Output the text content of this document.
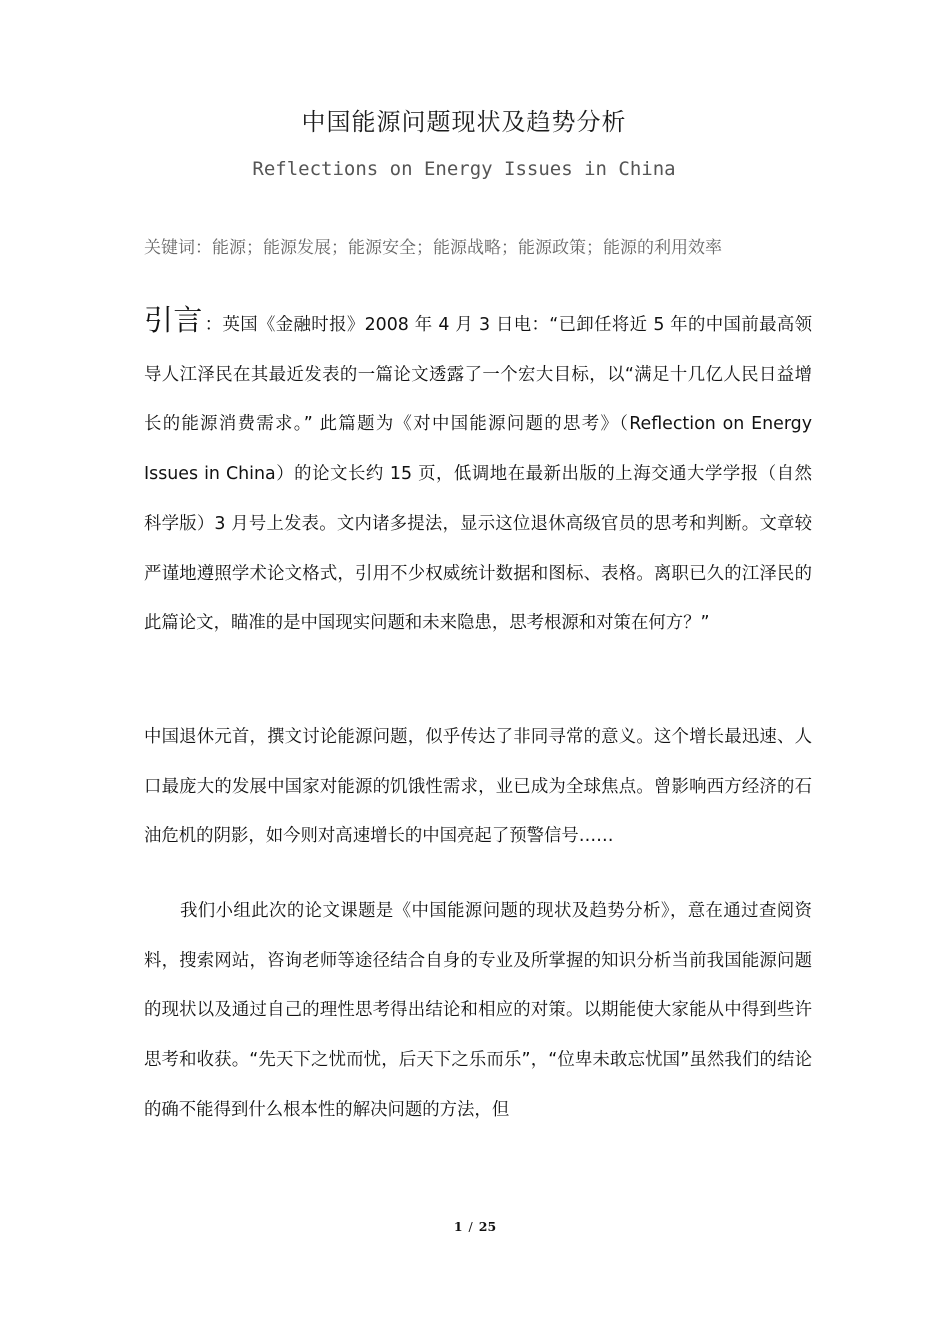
中国能源问题现状及趋势分析
Reflections on Energy Issues in China
关键词：能源；能源发展；能源安全；能源战略；能源政策；能源的利用效率

引言 ：英国《金融时报》2008 年 4 月 3 日电：“已卸任将近 5 年的中国前最高领导人江泽民在其最近发表的一篇论文透露了一个宏大目标，以“满足十几亿人民日益增长的能源消费需求。” 此篇题为《对中国能源问题的思考》（Reflection on Energy Issues in China）的论文长约 15 页，低调地在最新出版的上海交通大学学报（自然科学版）3 月号上发表。文内诸多提法，显示这位退休高级官员的思考和判断。文章较严谨地遵照学术论文格式，引用不少权威统计数据和图标、表格。离职已久的江泽民的此篇论文，瞄准的是中国现实问题和未来隐患，思考根源和对策在何方？”

中国退休元首，撰文讨论能源问题，似乎传达了非同寻常的意义。这个增长最迅速、人口最庞大的发展中国家对能源的饥饿性需求，业已成为全球焦点。曾影响西方经济的石油危机的阴影，如今则对高速增长的中国亮起了预警信号……

我们小组此次的论文课题是《中国能源问题的现状及趋势分析》，意在通过查阅资料，搜索网站，咨询老师等途径结合自身的专业及所掌握的知识分析当前我国能源问题的现状以及通过自己的理性思考得出结论和相应的对策。以期能使大家能从中得到些许思考和收获。“先天下之忧而忧，后天下之乐而乐”，“位卑未敢忘忧国”虽然我们的结论的确不能得到什么根本性的解决问题的方法，但

1 / 25
